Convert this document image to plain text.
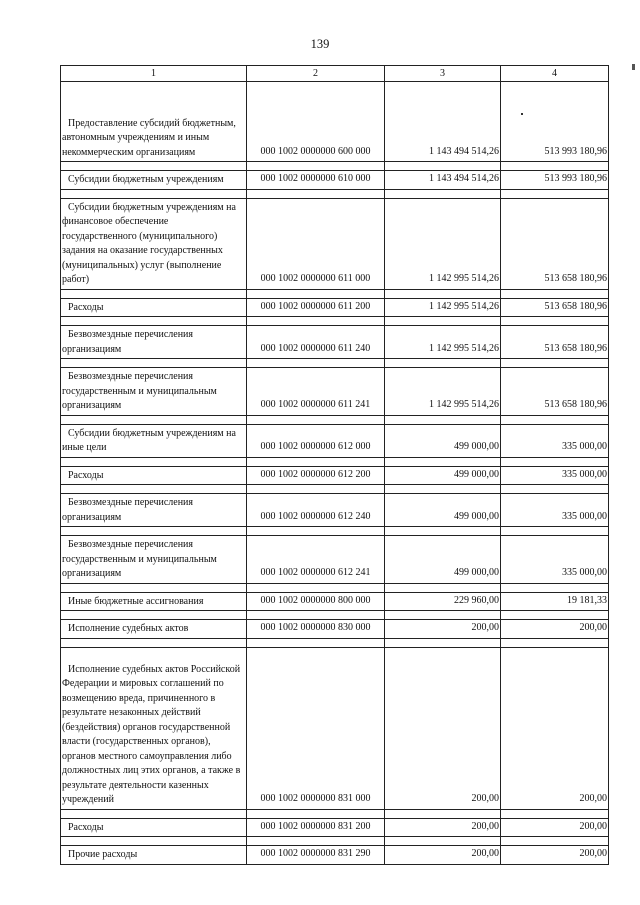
139
1	2	3	4

Предоставление субсидий бюджетным, автономным учреждениям и иным некоммерческим организациям	000 1002 0000000 600 000	1 143 494 514,26	513 993 180,96

Субсидии бюджетным учреждениям	000 1002 0000000 610 000	1 143 494 514,26	513 993 180,96

Субсидии бюджетным учреждениям на финансовое обеспечение государственного (муниципального) задания на оказание государственных (муниципальных) услуг (выполнение работ)	000 1002 0000000 611 000	1 142 995 514,26	513 658 180,96

Расходы	000 1002 0000000 611 200	1 142 995 514,26	513 658 180,96

Безвозмездные перечисления организациям	000 1002 0000000 611 240	1 142 995 514,26	513 658 180,96

Безвозмездные перечисления государственным и муниципальным организациям	000 1002 0000000 611 241	1 142 995 514,26	513 658 180,96

Субсидии бюджетным учреждениям на иные цели	000 1002 0000000 612 000	499 000,00	335 000,00

Расходы	000 1002 0000000 612 200	499 000,00	335 000,00

Безвозмездные перечисления организациям	000 1002 0000000 612 240	499 000,00	335 000,00

Безвозмездные перечисления государственным и муниципальным организациям	000 1002 0000000 612 241	499 000,00	335 000,00

Иные бюджетные ассигнования	000 1002 0000000 800 000	229 960,00	19 181,33

Исполнение судебных актов	000 1002 0000000 830 000	200,00	200,00

Исполнение судебных актов Российской Федерации и мировых соглашений по возмещению вреда, причиненного в результате незаконных действий (бездействия) органов государственной власти (государственных органов), органов местного самоуправления либо должностных лиц этих органов, а также в результате деятельности казенных учреждений	000 1002 0000000 831 000	200,00	200,00

Расходы	000 1002 0000000 831 200	200,00	200,00

Прочие расходы	000 1002 0000000 831 290	200,00	200,00
